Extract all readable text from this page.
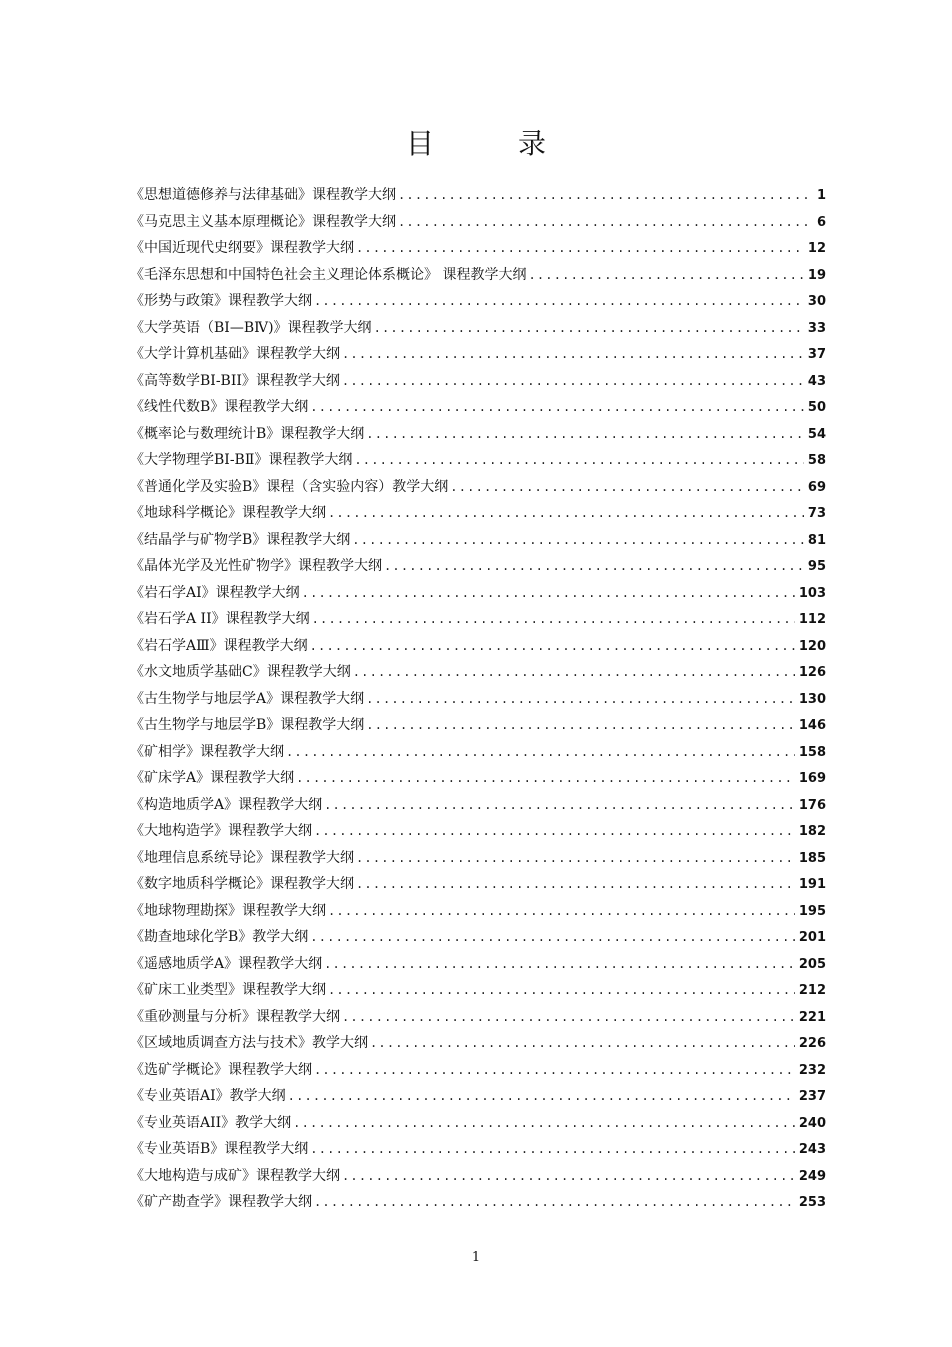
目　录
《思想道德修养与法律基础》课程教学大纲 .....	1
《马克思主义基本原理概论》课程教学大纲 .....	6
《中国近现代史纲要》课程教学大纲 .....	12
《毛泽东思想和中国特色社会主义理论体系概论》 课程教学大纲 .....	19
《形势与政策》课程教学大纲 .....	30
《大学英语（BⅠ—BⅣ)》课程教学大纲 .....	33
《大学计算机基础》课程教学大纲 .....	37
《高等数学BI-BII》课程教学大纲 .....	43
《线性代数B》课程教学大纲 .....	50
《概率论与数理统计B》课程教学大纲 .....	54
《大学物理学BⅠ-BⅡ》课程教学大纲 .....	58
《普通化学及实验B》课程（含实验内容）教学大纲 .....	69
《地球科学概论》课程教学大纲 .....	73
《结晶学与矿物学B》课程教学大纲 .....	81
《晶体光学及光性矿物学》课程教学大纲 .....	95
《岩石学AI》课程教学大纲 .....	103
《岩石学A II》课程教学大纲 .....	112
《岩石学AⅢ》课程教学大纲 .....	120
《水文地质学基础C》课程教学大纲 .....	126
《古生物学与地层学A》课程教学大纲 .....	130
《古生物学与地层学B》课程教学大纲 .....	146
《矿相学》课程教学大纲 .....	158
《矿床学A》课程教学大纲 .....	169
《构造地质学A》课程教学大纲 .....	176
《大地构造学》课程教学大纲 .....	182
《地理信息系统导论》课程教学大纲 .....	185
《数字地质科学概论》课程教学大纲 .....	191
《地球物理勘探》课程教学大纲 .....	195
《勘查地球化学B》教学大纲 .....	201
《遥感地质学A》课程教学大纲 .....	205
《矿床工业类型》课程教学大纲 .....	212
《重砂测量与分析》课程教学大纲 .....	221
《区域地质调查方法与技术》教学大纲 .....	226
《选矿学概论》课程教学大纲 .....	232
《专业英语AI》教学大纲 .....	237
《专业英语AII》教学大纲 .....	240
《专业英语B》课程教学大纲 .....	243
《大地构造与成矿》课程教学大纲 .....	249
《矿产勘查学》课程教学大纲 .....	253
1
